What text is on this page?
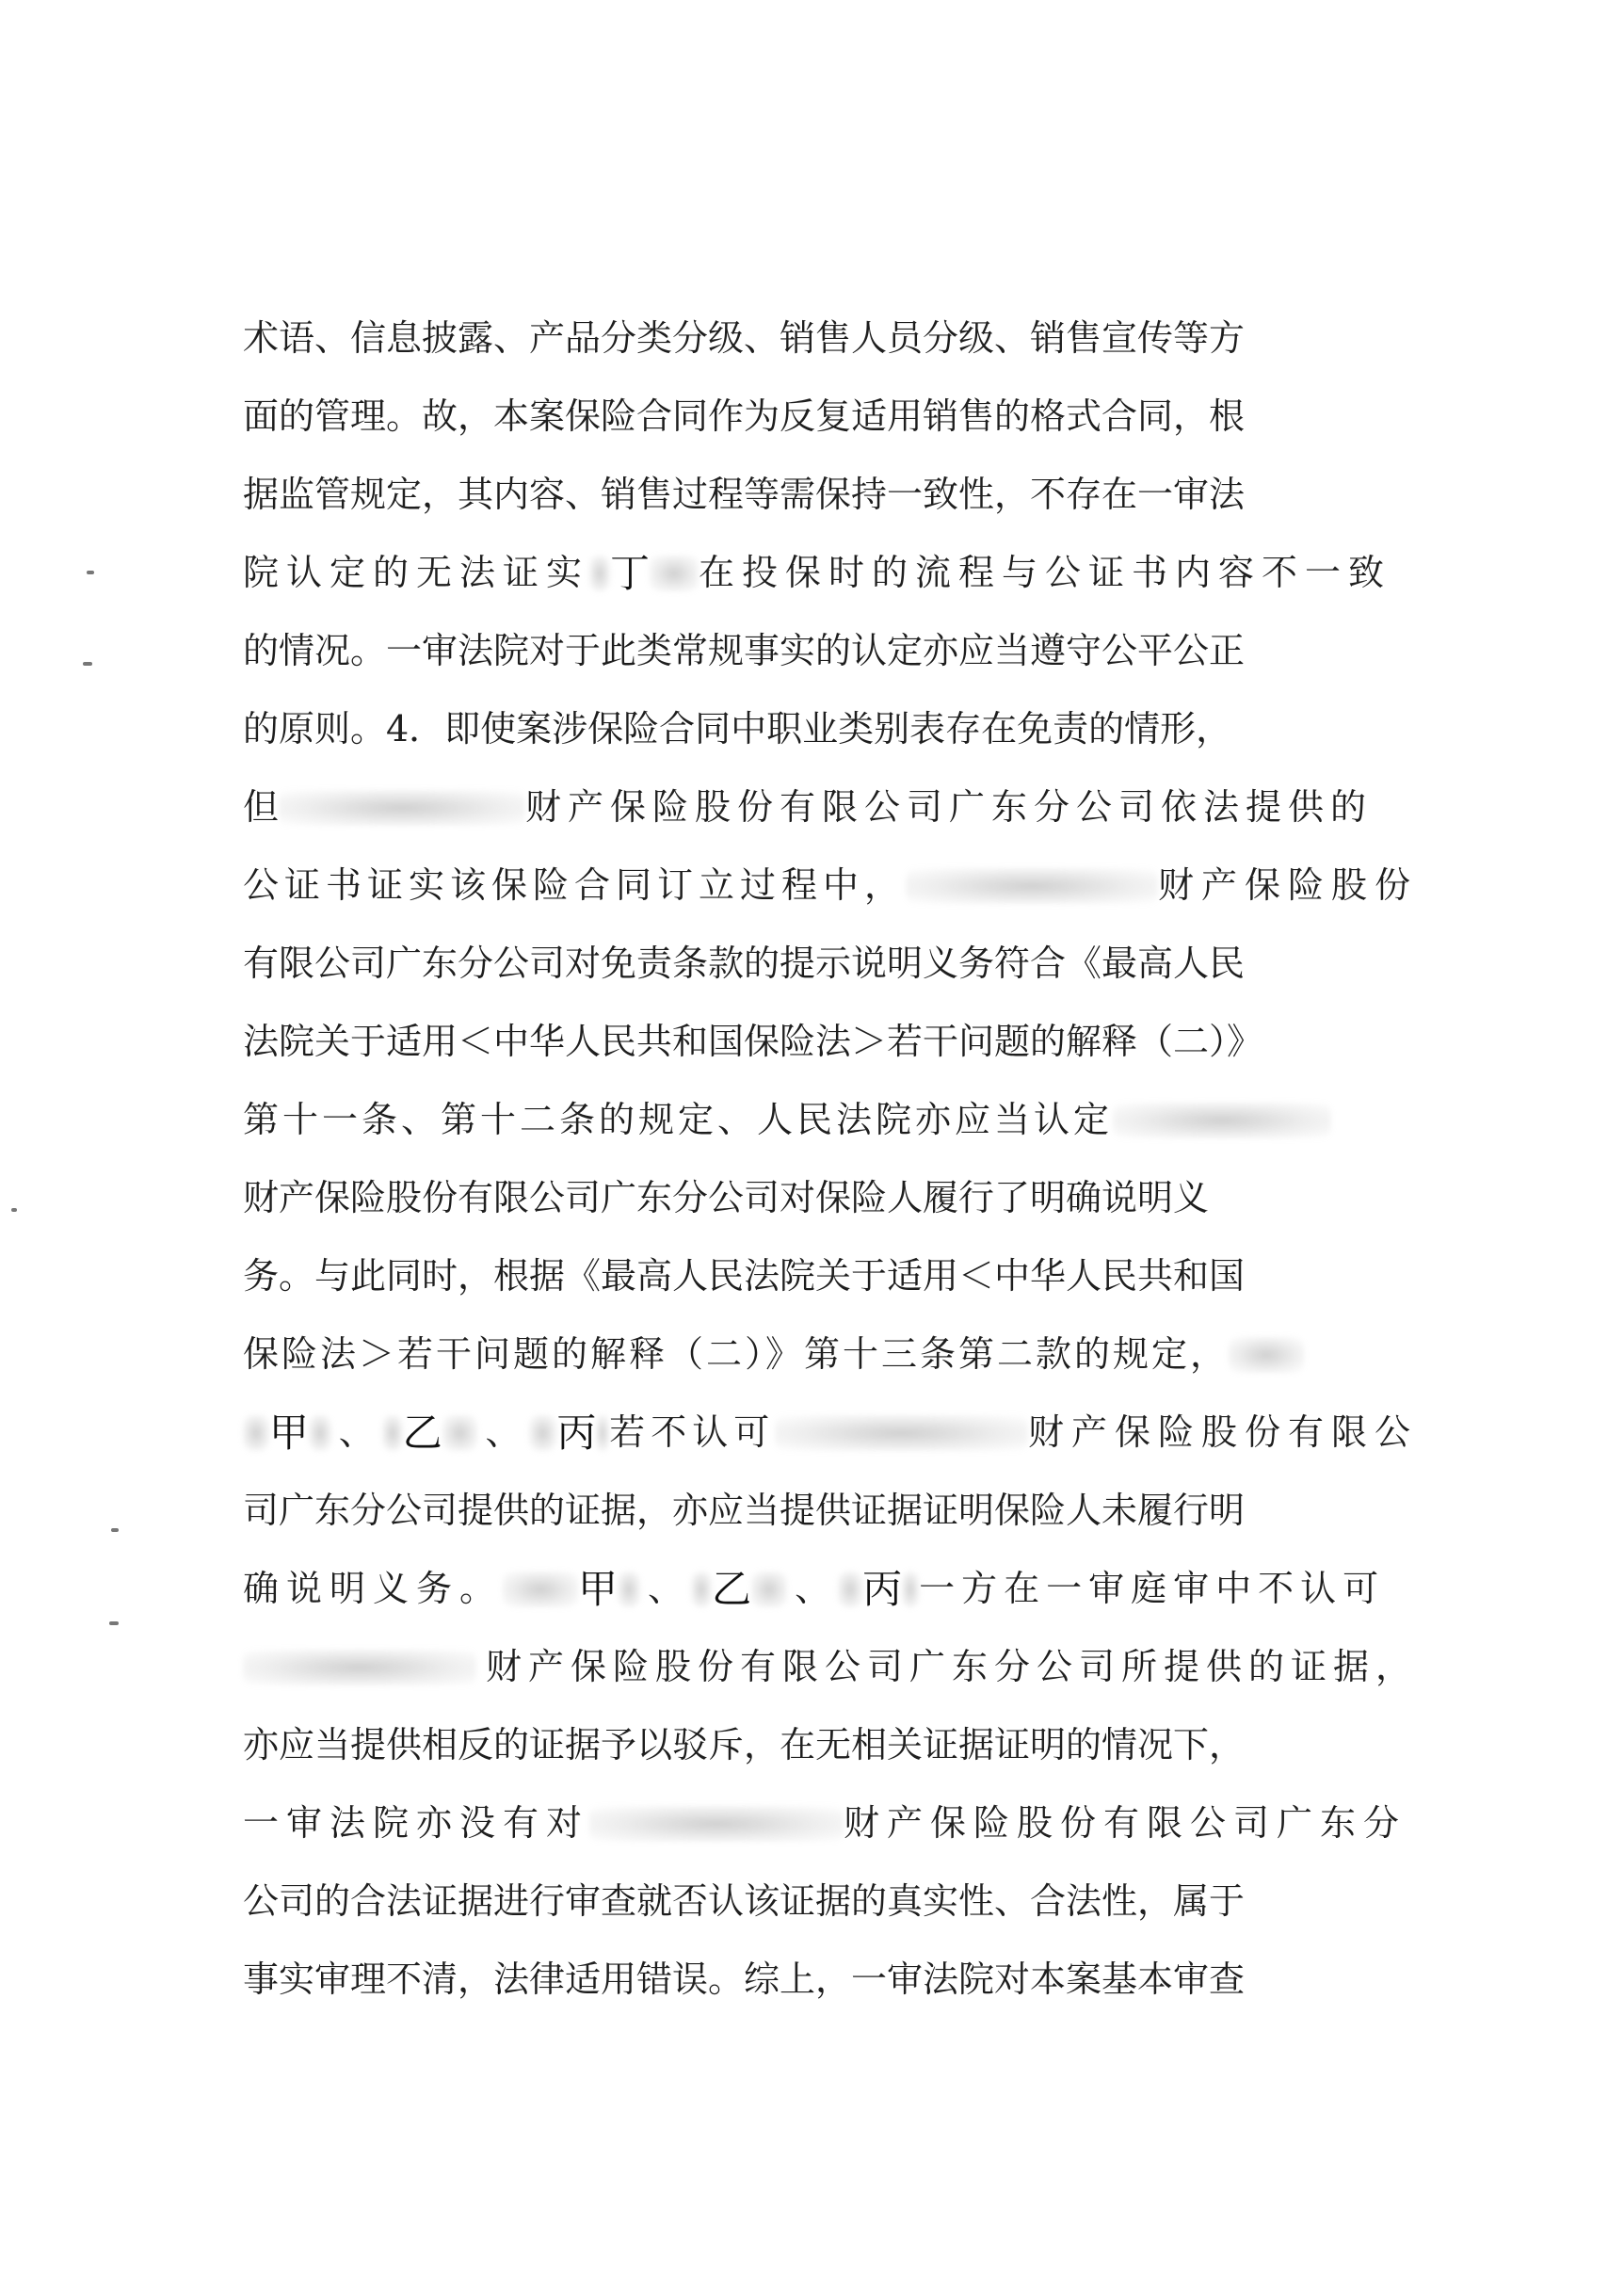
术语、信息披露、产品分类分级、销售人员分级、销售宣传等方
面的管理。故，本案保险合同作为反复适用销售的格式合同，根
据监管规定，其内容、销售过程等需保持一致性，不存在一审法
院认定的无法证实 丁 在投保时的流程与公证书内容不一致
的情况。一审法院对于此类常规事实的认定亦应当遵守公平公正
的原则。4．即使案涉保险合同中职业类别表存在免责的情形，
但	财产保险股份有限公司广东分公司依法提供的
公证书证实该保险合同订立过程中，	财产保险股份
有限公司广东分公司对免责条款的提示说明义务符合《最高人民
法院关于适用＜中华人民共和国保险法＞若干问题的解释（二）》
第十一条、第十二条的规定、人民法院亦应当认定
财产保险股份有限公司广东分公司对保险人履行了明确说明义
务。与此同时，根据《最高人民法院关于适用＜中华人民共和国
保险法＞若干问题的解释（二）》第十三条第二款的规定，
甲 、 乙 、 丙 若不认可	财产保险股份有限公
司广东分公司提供的证据，亦应当提供证据证明保险人未履行明
确说明义务。 甲 、 乙 、 丙 一方在一审庭审中不认可
财产保险股份有限公司广东分公司所提供的证据，
亦应当提供相反的证据予以驳斥，在无相关证据证明的情况下，
一审法院亦没有对	财产保险股份有限公司广东分
公司的合法证据进行审查就否认该证据的真实性、合法性，属于
事实审理不清，法律适用错误。综上，一审法院对本案基本审查
